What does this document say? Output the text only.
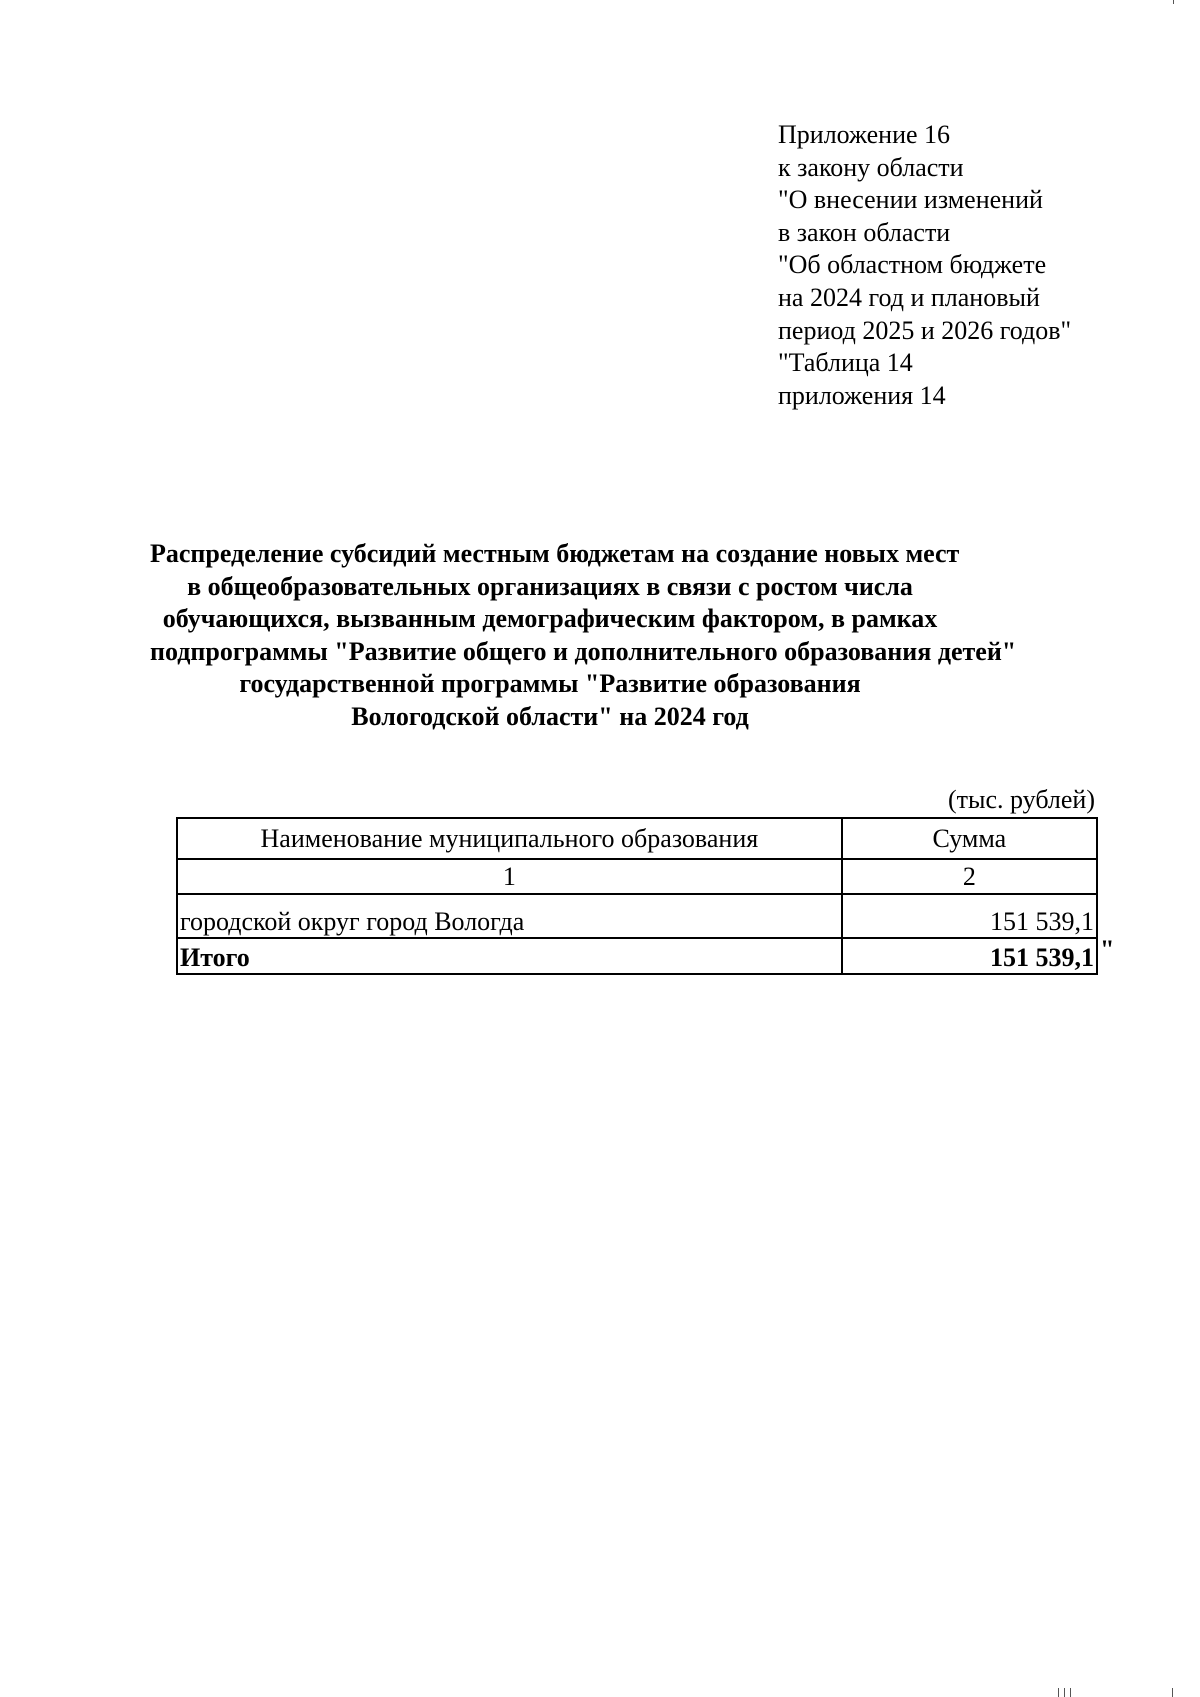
Приложение 16
к закону области
"О внесении изменений
в закон области
"Об областном бюджете
на 2024 год и плановый
период 2025 и 2026 годов"
"Таблица 14
приложения 14
Распределение субсидий местным бюджетам на создание новых мест
в общеобразовательных организациях в связи с ростом числа
обучающихся, вызванным демографическим фактором, в рамках
подпрограммы "Развитие общего и дополнительного образования детей"
государственной программы "Развитие образования
Вологодской области" на 2024 год
(тыс. рублей)
Наименование муниципального образования	Сумма
1	2
городской округ город Вологда	151 539,1
Итого	151 539,1 "
